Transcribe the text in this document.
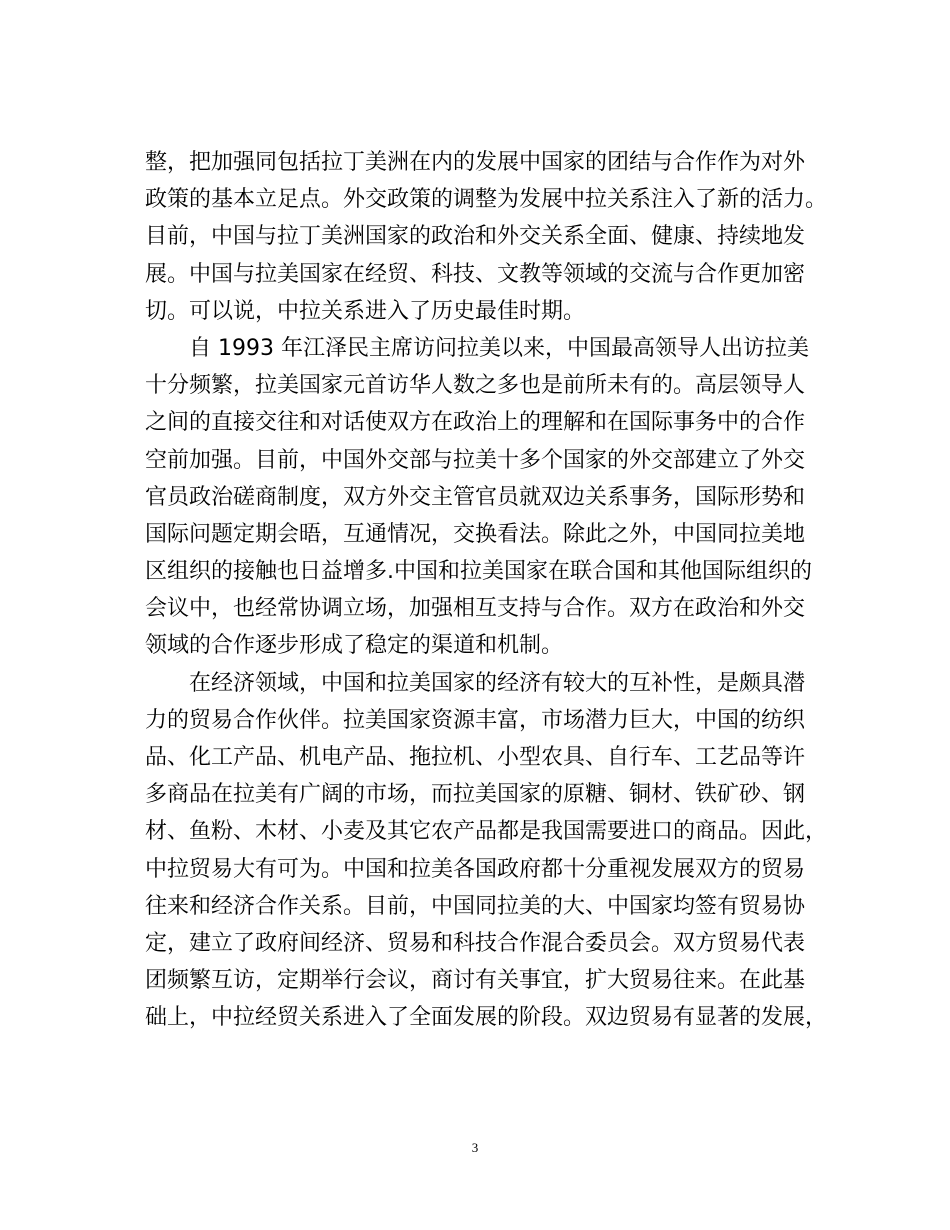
整，把加强同包括拉丁美洲在内的发展中国家的团结与合作作为对外
政策的基本立足点。外交政策的调整为发展中拉关系注入了新的活力。
目前，中国与拉丁美洲国家的政治和外交关系全面、健康、持续地发
展。中国与拉美国家在经贸、科技、文教等领域的交流与合作更加密
切。可以说，中拉关系进入了历史最佳时期。
自 1993 年江泽民主席访问拉美以来，中国最高领导人出访拉美
十分频繁，拉美国家元首访华人数之多也是前所未有的。高层领导人
之间的直接交往和对话使双方在政治上的理解和在国际事务中的合作
空前加强。目前，中国外交部与拉美十多个国家的外交部建立了外交
官员政治磋商制度，双方外交主管官员就双边关系事务，国际形势和
国际问题定期会晤，互通情况，交换看法。除此之外，中国同拉美地
区组织的接触也日益增多.中国和拉美国家在联合国和其他国际组织的
会议中，也经常协调立场，加强相互支持与合作。双方在政治和外交
领域的合作逐步形成了稳定的渠道和机制。
在经济领域，中国和拉美国家的经济有较大的互补性，是颇具潜
力的贸易合作伙伴。拉美国家资源丰富，市场潜力巨大，中国的纺织
品、化工产品、机电产品、拖拉机、小型农具、自行车、工艺品等许
多商品在拉美有广阔的市场，而拉美国家的原糖、铜材、铁矿砂、钢
材、鱼粉、木材、小麦及其它农产品都是我国需要进口的商品。因此，
中拉贸易大有可为。中国和拉美各国政府都十分重视发展双方的贸易
往来和经济合作关系。目前，中国同拉美的大、中国家均签有贸易协
定，建立了政府间经济、贸易和科技合作混合委员会。双方贸易代表
团频繁互访，定期举行会议，商讨有关事宜，扩大贸易往来。在此基
础上，中拉经贸关系进入了全面发展的阶段。双边贸易有显著的发展，
3
